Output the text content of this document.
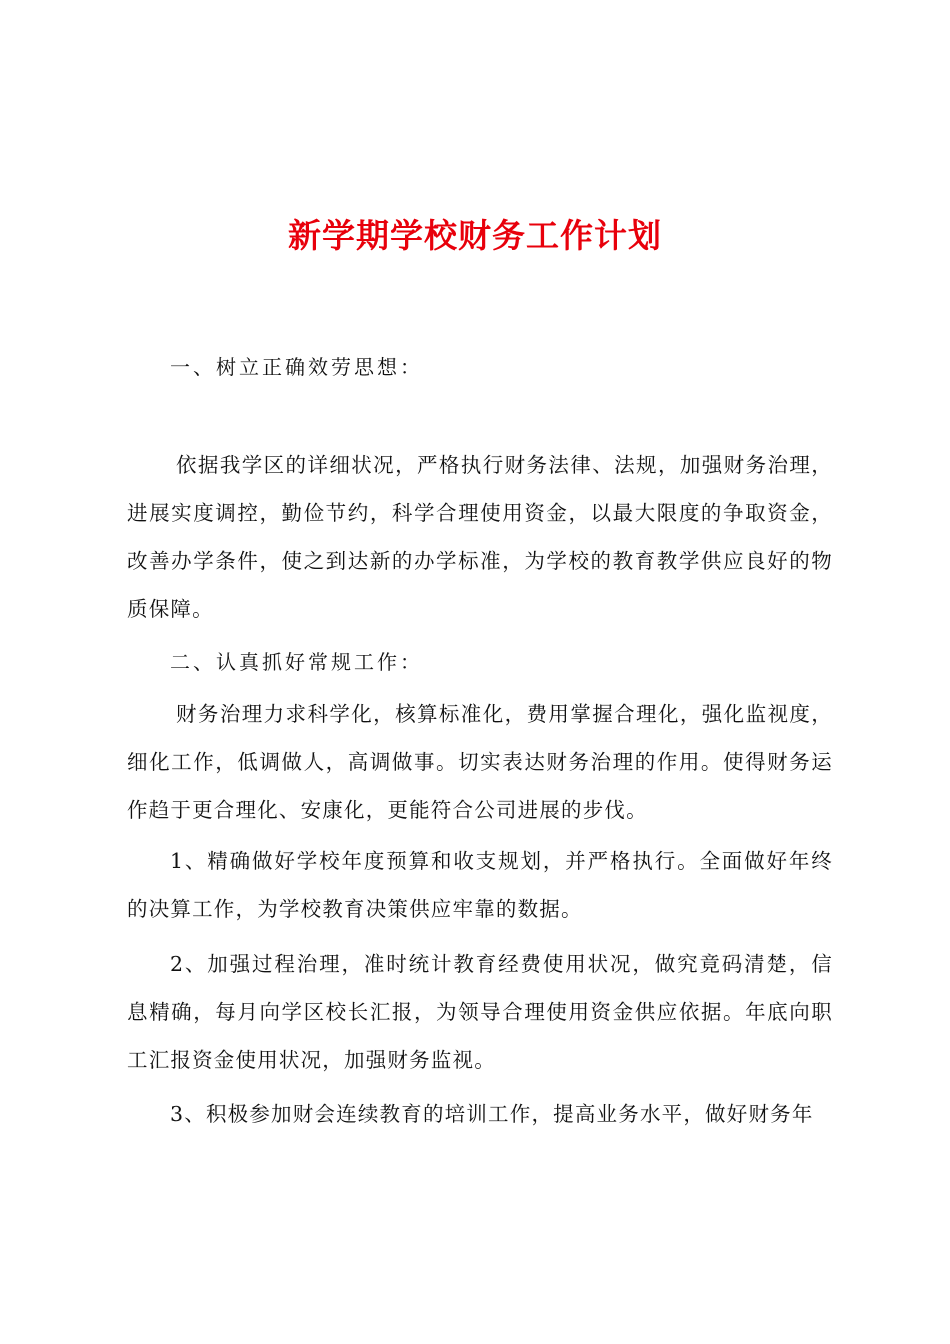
新学期学校财务工作计划

一、树立正确效劳思想：

依据我学区的详细状况，严格执行财务法律、法规，加强财务治理，进展实度调控，勤俭节约，科学合理使用资金，以最大限度的争取资金，改善办学条件，使之到达新的办学标准，为学校的教育教学供应良好的物质保障。

二、认真抓好常规工作：

财务治理力求科学化，核算标准化，费用掌握合理化，强化监视度，细化工作，低调做人，高调做事。切实表达财务治理的作用。使得财务运作趋于更合理化、安康化，更能符合公司进展的步伐。

1、精确做好学校年度预算和收支规划，并严格执行。全面做好年终的决算工作，为学校教育决策供应牢靠的数据。

2、加强过程治理，准时统计教育经费使用状况，做究竟码清楚，信息精确，每月向学区校长汇报，为领导合理使用资金供应依据。年底向职工汇报资金使用状况，加强财务监视。

3、积极参加财会连续教育的培训工作，提高业务水平，做好财务年
